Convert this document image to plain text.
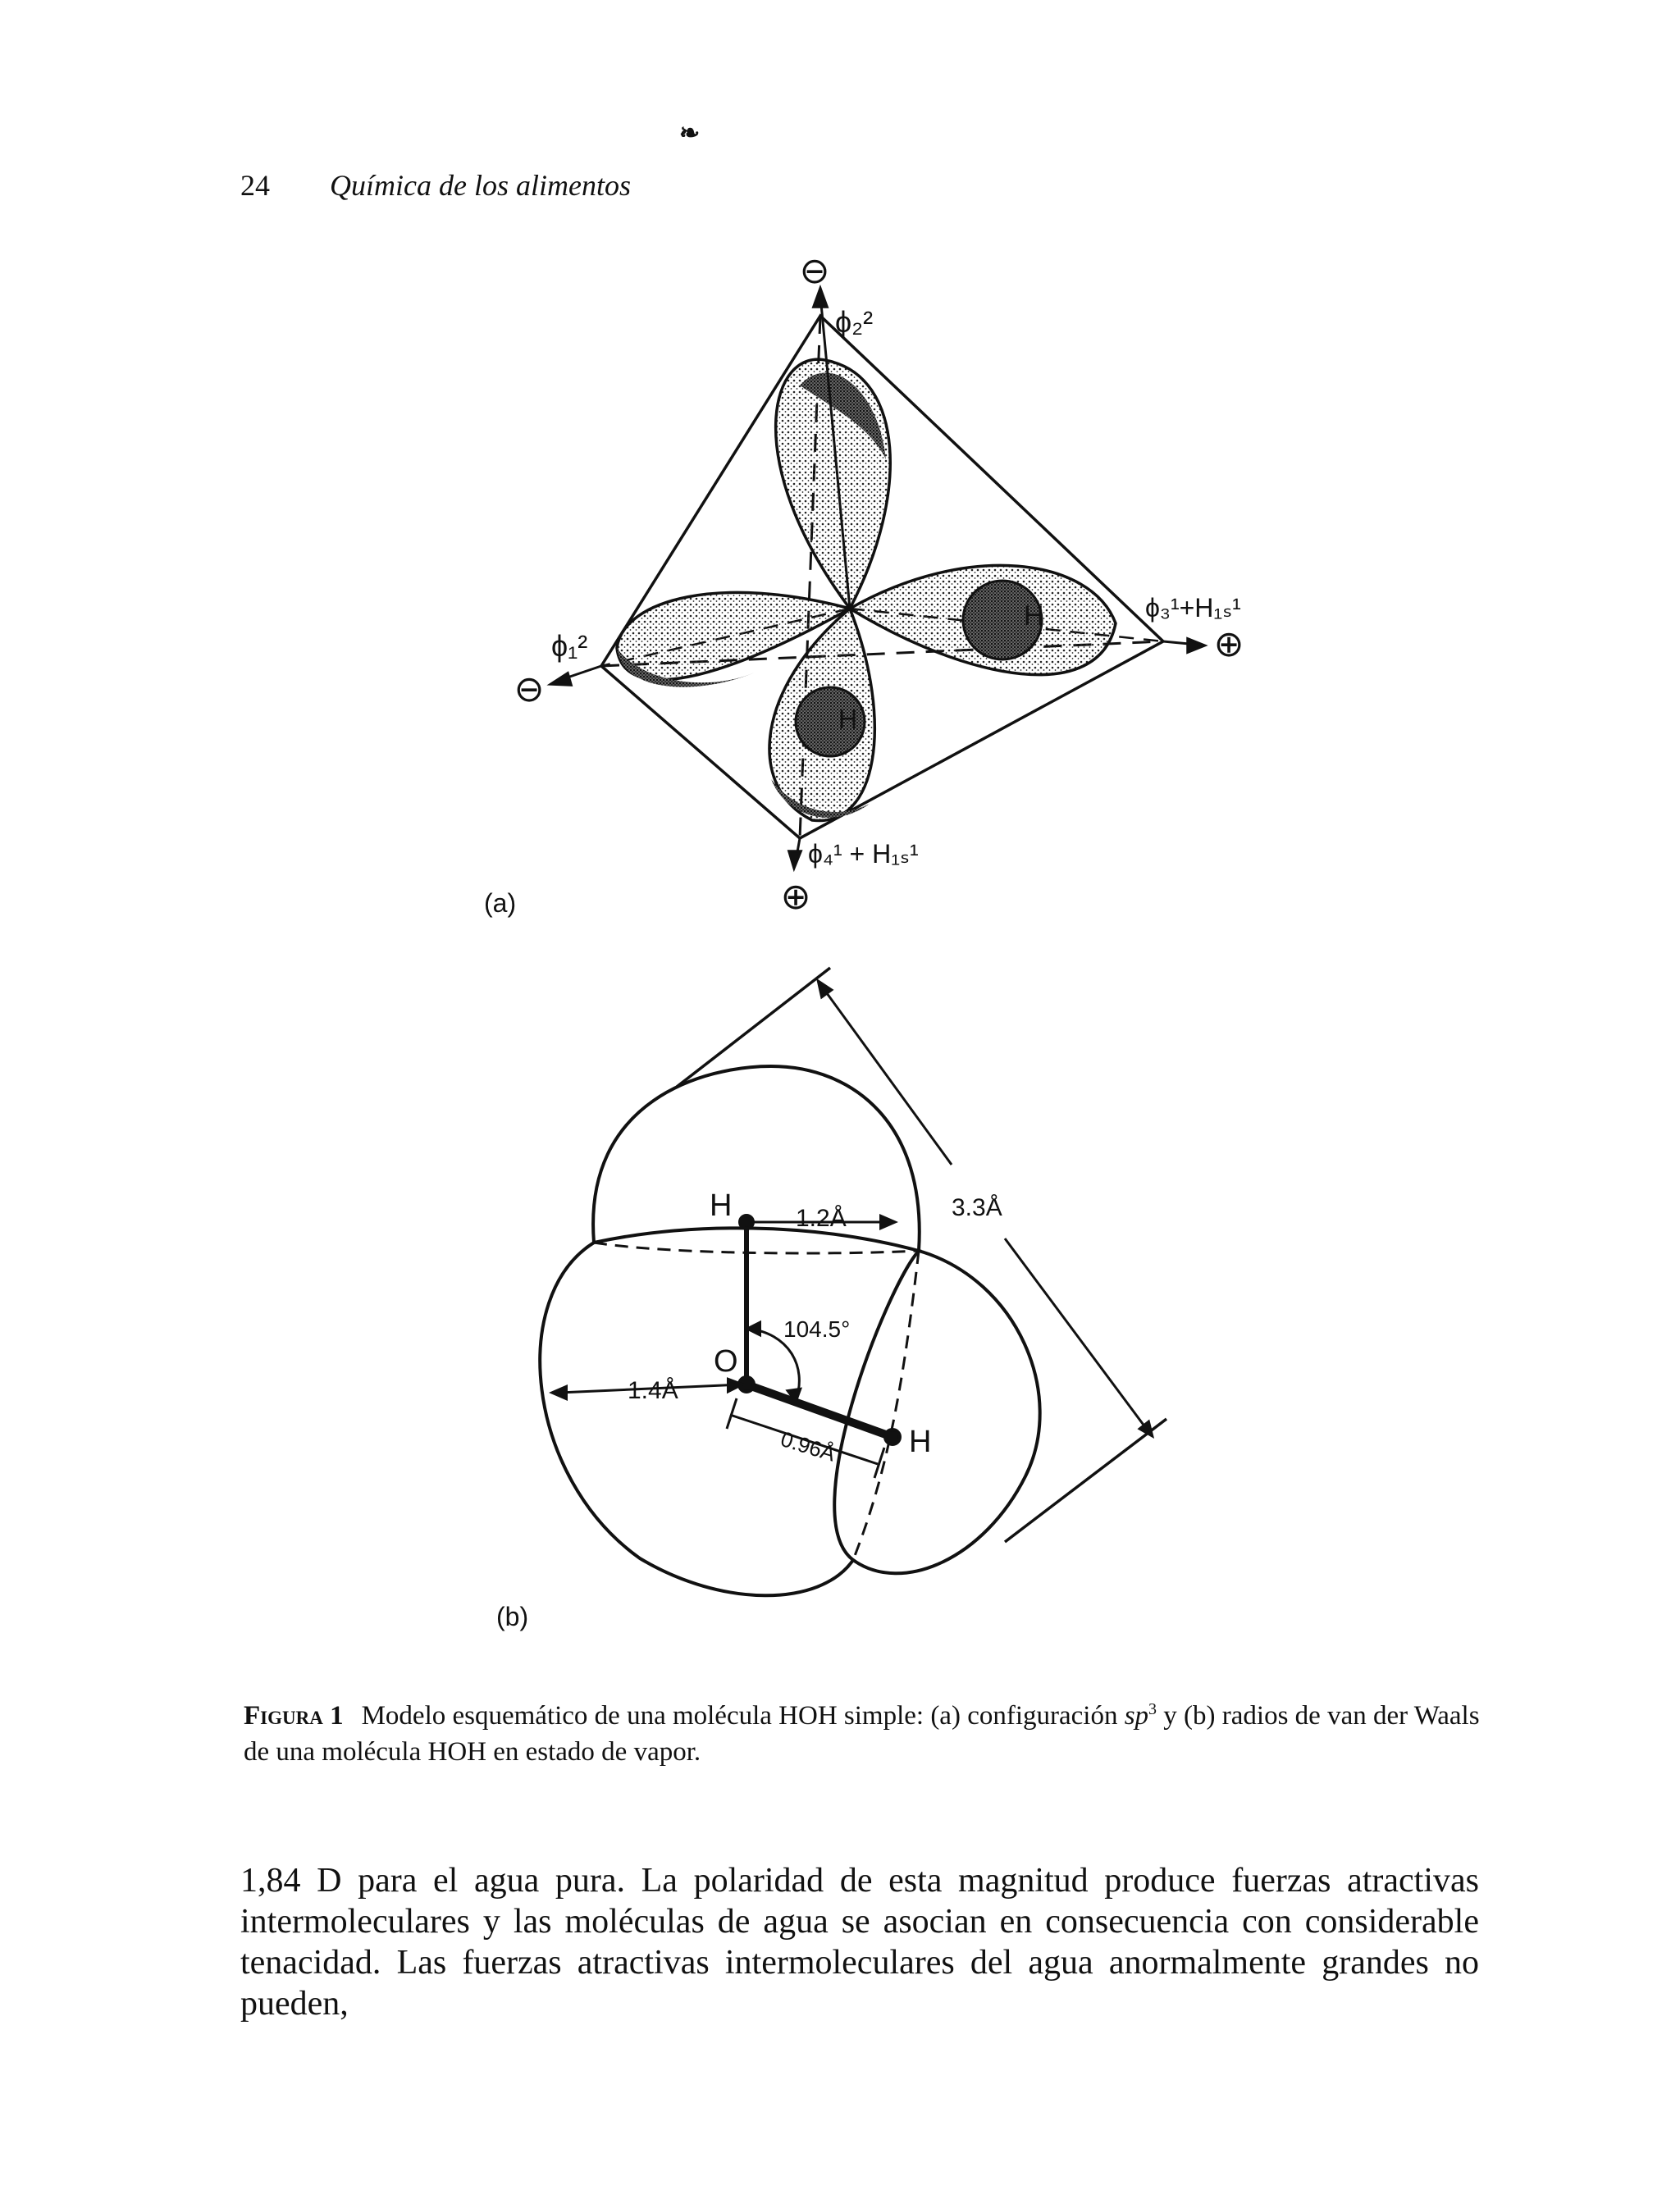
24 Química de los alimentos
❧
⊖
ϕ₂²
ϕ₁²
⊖
ϕ₃¹+H₁ₛ¹
⊕
ϕ₄¹ + H₁ₛ¹
⊕
H
H
(a)
H	1.2Å	3.3Å
104.5°
O
1.4Å
0.96Å H
(b)
Figura 1 Modelo esquemático de una molécula HOH simple: (a) configuración $sp^3$ y (b) radios de van der Waals de una molécula HOH en estado de vapor.
1,84 D para el agua pura. La polaridad de esta magnitud produce fuerzas atractivas intermoleculares y las moléculas de agua se asocian en consecuencia con considerable tenacidad. Las fuerzas atractivas intermoleculares del agua anormalmente grandes no pueden,
